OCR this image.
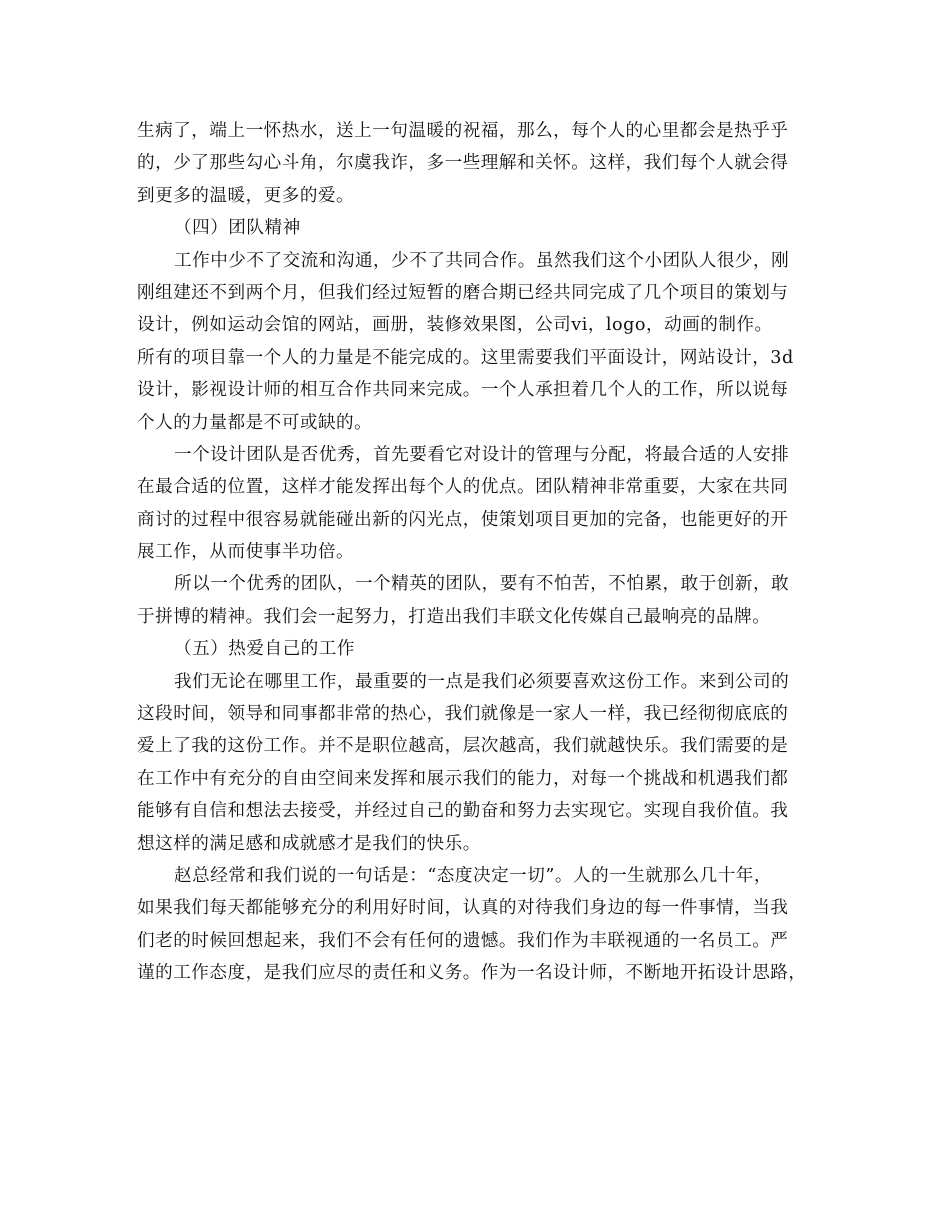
生病了，端上一怀热水，送上一句温暖的祝福，那么，每个人的心里都会是热乎乎
的，少了那些勾心斗角，尔虞我诈，多一些理解和关怀。这样，我们每个人就会得
到更多的温暖，更多的爱。
（四）团队精神
工作中少不了交流和沟通，少不了共同合作。虽然我们这个小团队人很少，刚
刚组建还不到两个月，但我们经过短暂的磨合期已经共同完成了几个项目的策划与
设计，例如运动会馆的网站，画册，装修效果图，公司vi，logo，动画的制作。
所有的项目靠一个人的力量是不能完成的。这里需要我们平面设计，网站设计，3d
设计，影视设计师的相互合作共同来完成。一个人承担着几个人的工作，所以说每
个人的力量都是不可或缺的。
一个设计团队是否优秀，首先要看它对设计的管理与分配，将最合适的人安排
在最合适的位置，这样才能发挥出每个人的优点。团队精神非常重要，大家在共同
商讨的过程中很容易就能碰出新的闪光点，使策划项目更加的完备，也能更好的开
展工作，从而使事半功倍。
所以一个优秀的团队，一个精英的团队，要有不怕苦，不怕累，敢于创新，敢
于拼博的精神。我们会一起努力，打造出我们丰联文化传媒自己最响亮的品牌。
（五）热爱自己的工作
我们无论在哪里工作，最重要的一点是我们必须要喜欢这份工作。来到公司的
这段时间，领导和同事都非常的热心，我们就像是一家人一样，我已经彻彻底底的
爱上了我的这份工作。并不是职位越高，层次越高，我们就越快乐。我们需要的是
在工作中有充分的自由空间来发挥和展示我们的能力，对每一个挑战和机遇我们都
能够有自信和想法去接受，并经过自己的勤奋和努力去实现它。实现自我价值。我
想这样的满足感和成就感才是我们的快乐。
赵总经常和我们说的一句话是：“态度决定一切”。人的一生就那么几十年，
如果我们每天都能够充分的利用好时间，认真的对待我们身边的每一件事情，当我
们老的时候回想起来，我们不会有任何的遗憾。我们作为丰联视通的一名员工。严
谨的工作态度，是我们应尽的责任和义务。作为一名设计师，不断地开拓设计思路，
